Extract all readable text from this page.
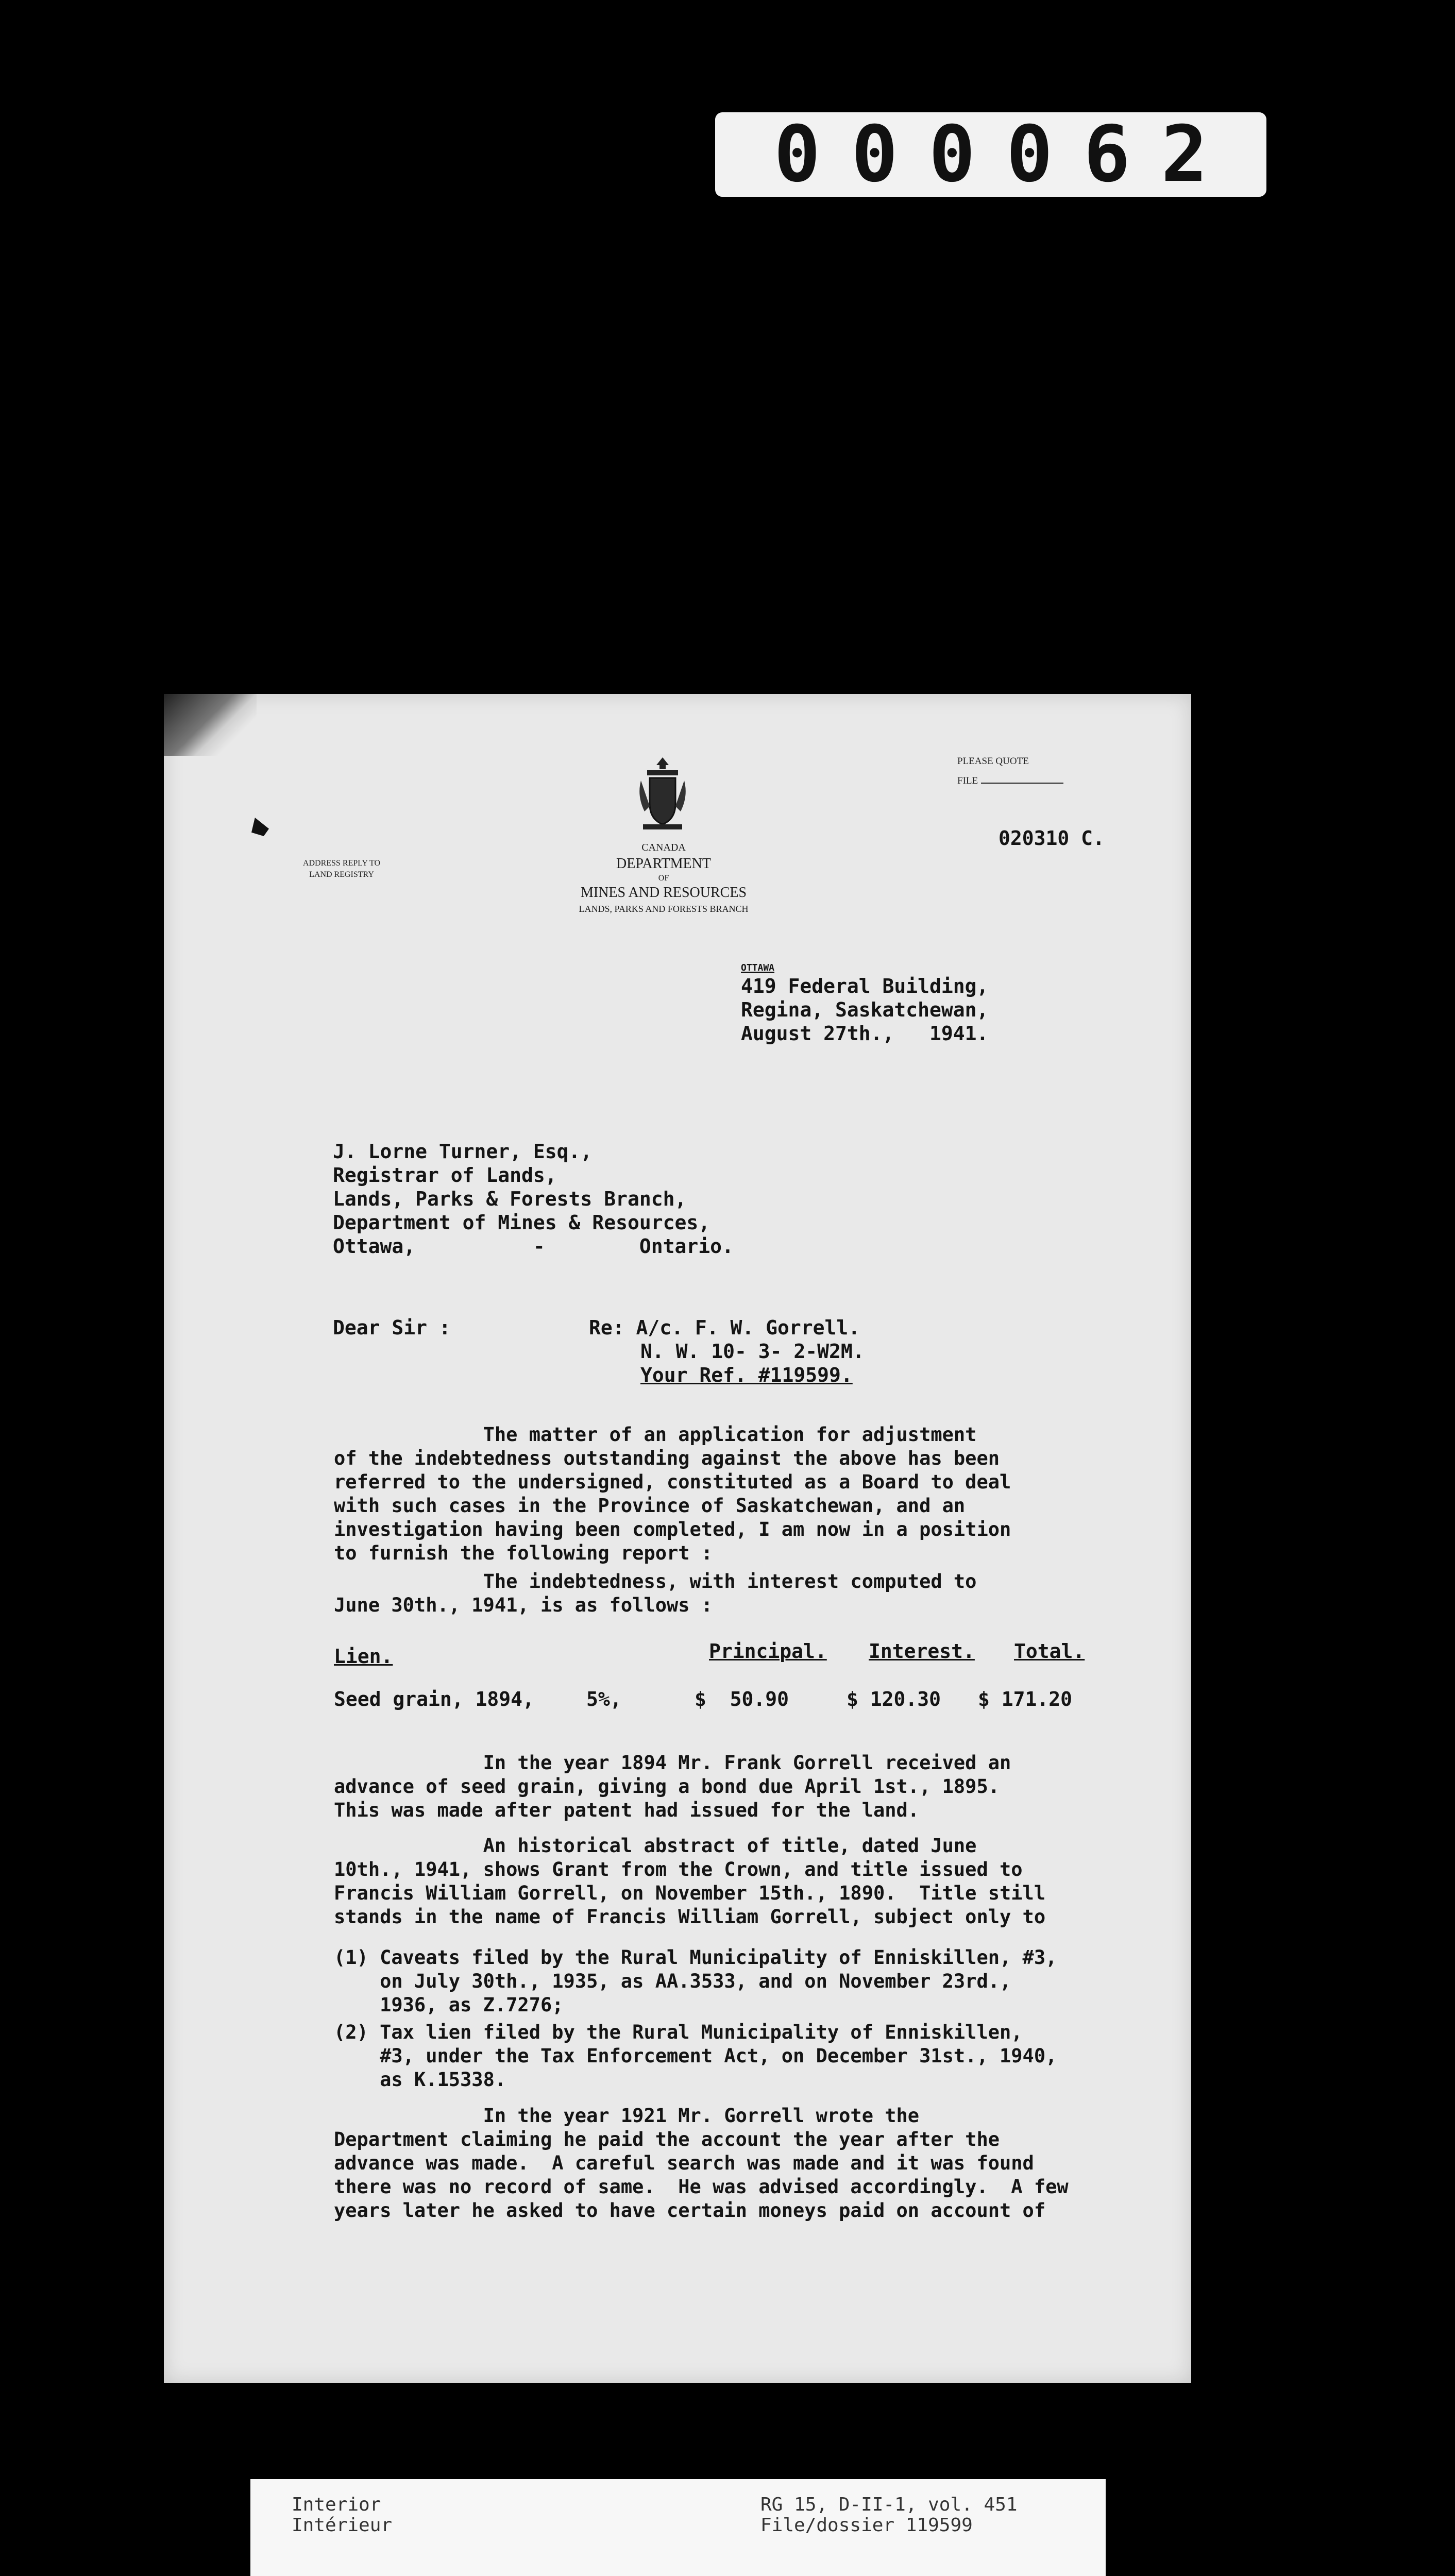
000062
ADDRESS REPLY TO
LAND REGISTRY
CANADA
DEPARTMENT
OF
MINES AND RESOURCES
LANDS, PARKS AND FORESTS BRANCH
PLEASE QUOTE
FILE
020310 C.
OTTAWA
419 Federal Building,
Regina, Saskatchewan,
August 27th.,   1941.
J. Lorne Turner, Esq.,
Registrar of Lands,
Lands, Parks & Forests Branch,
Department of Mines & Resources,
Ottawa,          -        Ontario.
Dear Sir :	Re: A/c. F. W. Gorrell.
N. W. 10- 3- 2-W2M.
Your Ref. #119599.
The matter of an application for adjustment
of the indebtedness outstanding against the above has been
referred to the undersigned, constituted as a Board to deal
with such cases in the Province of Saskatchewan, and an
investigation having been completed, I am now in a position
to furnish the following report :
The indebtedness, with interest computed to
June 30th., 1941, is as follows :
Lien.	Principal. Interest. Total.
Seed grain, 1894,	5%,	$  50.90	$ 120.30 $ 171.20
In the year 1894 Mr. Frank Gorrell received an
advance of seed grain, giving a bond due April 1st., 1895.
This was made after patent had issued for the land.
An historical abstract of title, dated June
10th., 1941, shows Grant from the Crown, and title issued to
Francis William Gorrell, on November 15th., 1890.  Title still
stands in the name of Francis William Gorrell, subject only to
(1) Caveats filed by the Rural Municipality of Enniskillen, #3,
on July 30th., 1935, as AA.3533, and on November 23rd.,
1936, as Z.7276;
(2) Tax lien filed by the Rural Municipality of Enniskillen,
#3, under the Tax Enforcement Act, on December 31st., 1940,
as K.15338.
In the year 1921 Mr. Gorrell wrote the
Department claiming he paid the account the year after the
advance was made.  A careful search was made and it was found
there was no record of same.  He was advised accordingly.  A few
years later he asked to have certain moneys paid on account of
Interior
Intérieur
RG 15, D-II-1, vol. 451
File/dossier 119599
